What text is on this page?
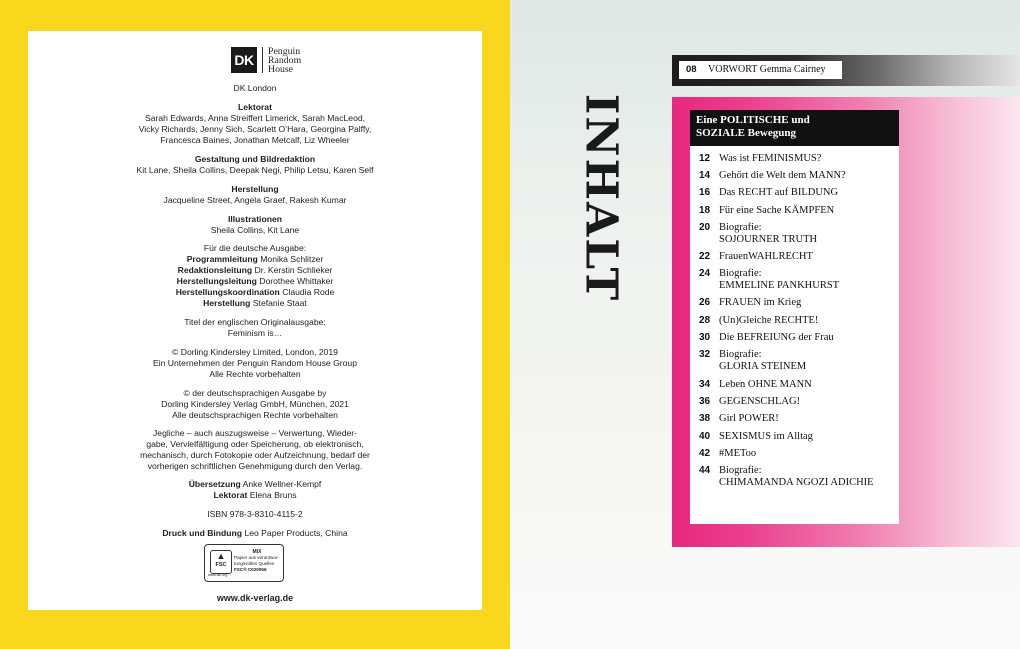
DK
Penguin
Random
House
DK London
Lektorat
Sarah Edwards, Anna Streiffert Limerick, Sarah MacLeod,
Vicky Richards, Jenny Sich, Scarlett O’Hara, Georgina Palffy,
Francesca Baines, Jonathan Metcalf, Liz Wheeler
Gestaltung und Bildredaktion
Kit Lane, Sheila Collins, Deepak Negi, Philip Letsu, Karen Self
Herstellung
Jacqueline Street, Angela Graef, Rakesh Kumar
Illustrationen
Sheila Collins, Kit Lane
Für die deutsche Ausgabe:
Programmleitung Monika Schlitzer
Redaktionsleitung Dr. Kerstin Schlieker
Herstellungsleitung Dorothee Whittaker
Herstellungskoordination Claudia Rode
Herstellung Stefanie Staat
Titel der englischen Originalausgabe:
Feminism is…
© Dorling Kindersley Limited, London, 2019
Ein Unternehmen der Penguin Random House Group
Alle Rechte vorbehalten
© der deutschsprachigen Ausgabe by
Dorling Kindersley Verlag GmbH, München, 2021
Alle deutschsprachigen Rechte vorbehalten
Jegliche – auch auszugsweise – Verwertung, Wieder-
gabe, Vervielfältigung oder Speicherung, ob elektronisch,
mechanisch, durch Fotokopie oder Aufzeichnung, bedarf der
vorherigen schriftlichen Genehmigung durch den Verlag.
Übersetzung Anke Wellner-Kempf
Lektorat Elena Bruns
ISBN 978-3-8310-4115-2
Druck und Bindung Leo Paper Products, China
▲
FSC
MIX
Papier aus verantwor-
tungsvollen Quellen
FSC® C020056
www.fsc.org
www.dk-verlag.de
INHALT
08 VORWORT Gemma Cairney
Eine POLITISCHE und
SOZIALE Bewegung
12 Was ist FEMINISMUS?
14 Gehört die Welt dem MANN?
16 Das RECHT auf BILDUNG
18 Für eine Sache KÄMPFEN
20 Biografie:
SOJOURNER TRUTH
22 FrauenWAHLRECHT
24 Biografie:
EMMELINE PANKHURST
26 FRAUEN im Krieg
28 (Un)Gleiche RECHTE!
30 Die BEFREIUNG der Frau
32 Biografie:
GLORIA STEINEM
34 Leben OHNE MANN
36 GEGENSCHLAG!
38 Girl POWER!
40 SEXISMUS im Alltag
42 #METoo
44 Biografie:
CHIMAMANDA NGOZI ADICHIE
